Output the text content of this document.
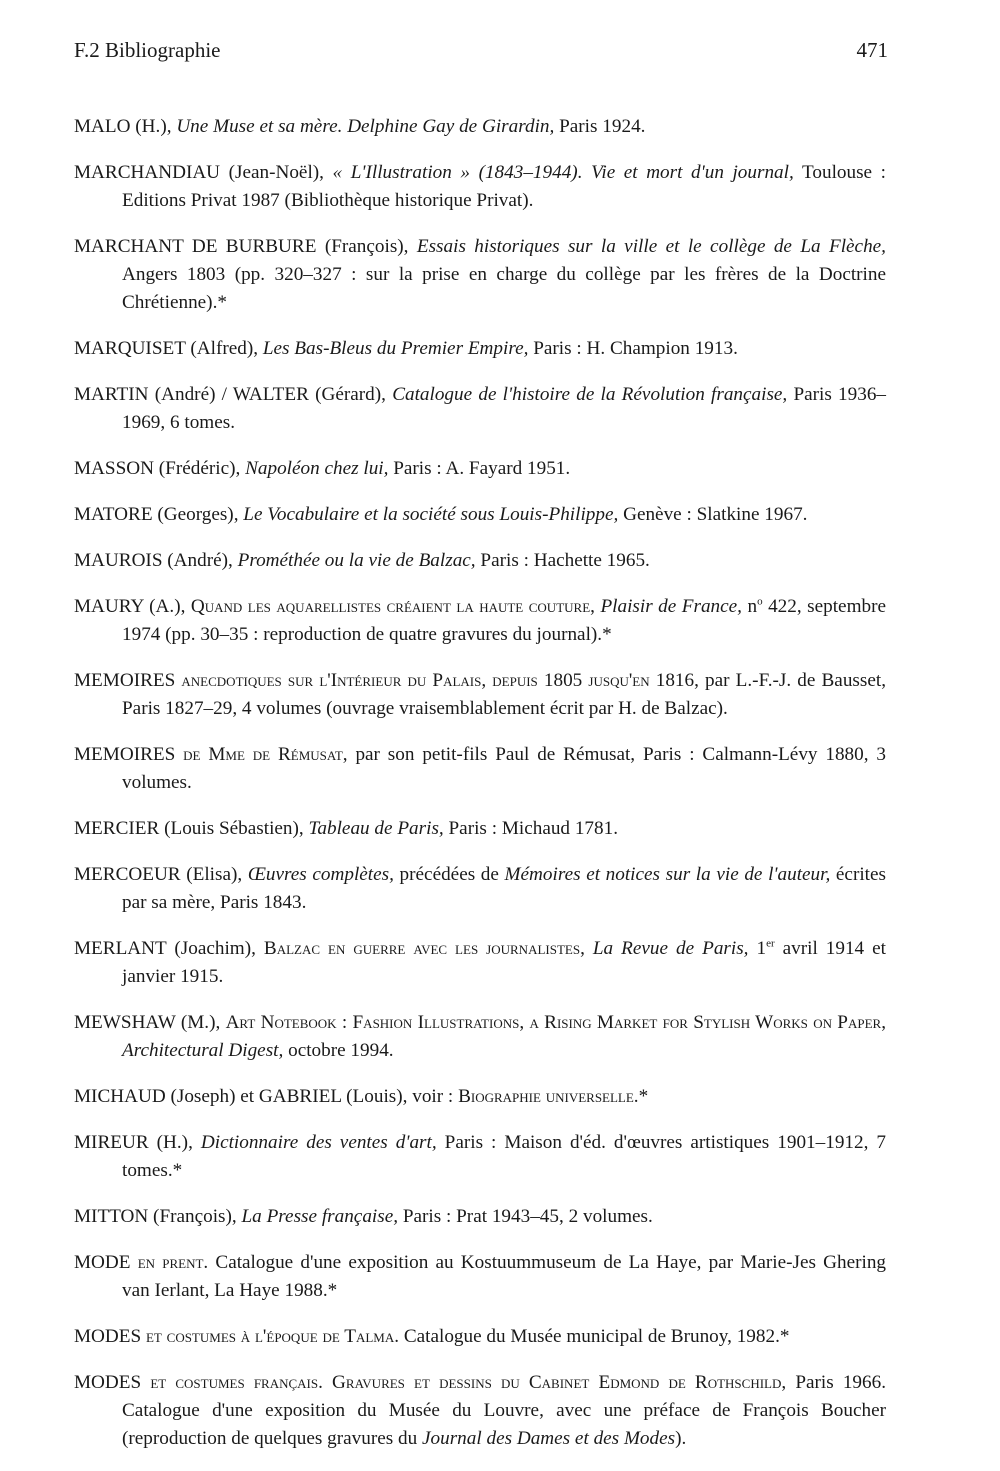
F.2 Bibliographie	471

MALO (H.), Une Muse et sa mère. Delphine Gay de Girardin, Paris 1924.

MARCHANDIAU (Jean-Noël), « L'Illustration » (1843–1944). Vie et mort d'un journal, Toulouse : Editions Privat 1987 (Bibliothèque historique Privat).

MARCHANT DE BURBURE (François), Essais historiques sur la ville et le collège de La Flèche, Angers 1803 (pp. 320–327 : sur la prise en charge du collège par les frères de la Doctrine Chrétienne).*

MARQUISET (Alfred), Les Bas-Bleus du Premier Empire, Paris : H. Champion 1913.

MARTIN (André) / WALTER (Gérard), Catalogue de l'histoire de la Révolution française, Paris 1936–1969, 6 tomes.

MASSON (Frédéric), Napoléon chez lui, Paris : A. Fayard 1951.

MATORE (Georges), Le Vocabulaire et la société sous Louis-Philippe, Genève : Slatkine 1967.

MAUROIS (André), Prométhée ou la vie de Balzac, Paris : Hachette 1965.

MAURY (A.), Quand les aquarellistes créaient la haute couture, Plaisir de France, $n^o$ 422, septembre 1974 (pp. 30–35 : reproduction de quatre gravures du journal).*

MEMOIRES anecdotiques sur l'Intérieur du Palais, depuis 1805 jusqu'en 1816, par L.-F.-J. de Bausset, Paris 1827–29, 4 volumes (ouvrage vraisemblablement écrit par H. de Balzac).

MEMOIRES de Mme de Rémusat, par son petit-fils Paul de Rémusat, Paris : Calmann-Lévy 1880, 3 volumes.

MERCIER (Louis Sébastien), Tableau de Paris, Paris : Michaud 1781.

MERCOEUR (Elisa), Œuvres complètes, précédées de Mémoires et notices sur la vie de l'auteur, écrites par sa mère, Paris 1843.

MERLANT (Joachim), Balzac en guerre avec les journalistes, La Revue de Paris, 1er avril 1914 et janvier 1915.

MEWSHAW (M.), Art Notebook : Fashion Illustrations, a Rising Market for Stylish Works on Paper, Architectural Digest, octobre 1994.

MICHAUD (Joseph) et GABRIEL (Louis), voir : Biographie universelle.*

MIREUR (H.), Dictionnaire des ventes d'art, Paris : Maison d'éd. d'œuvres artistiques 1901–1912, 7 tomes.*

MITTON (François), La Presse française, Paris : Prat 1943–45, 2 volumes.

MODE en prent. Catalogue d'une exposition au Kostuummuseum de La Haye, par Marie-Jes Ghering van Ierlant, La Haye 1988.*

MODES et costumes à l'époque de Talma. Catalogue du Musée municipal de Brunoy, 1982.*

MODES et costumes français. Gravures et dessins du Cabinet Edmond de Rothschild, Paris 1966. Catalogue d'une exposition du Musée du Louvre, avec une préface de François Boucher (reproduction de quelques gravures du Journal des Dames et des Modes).
